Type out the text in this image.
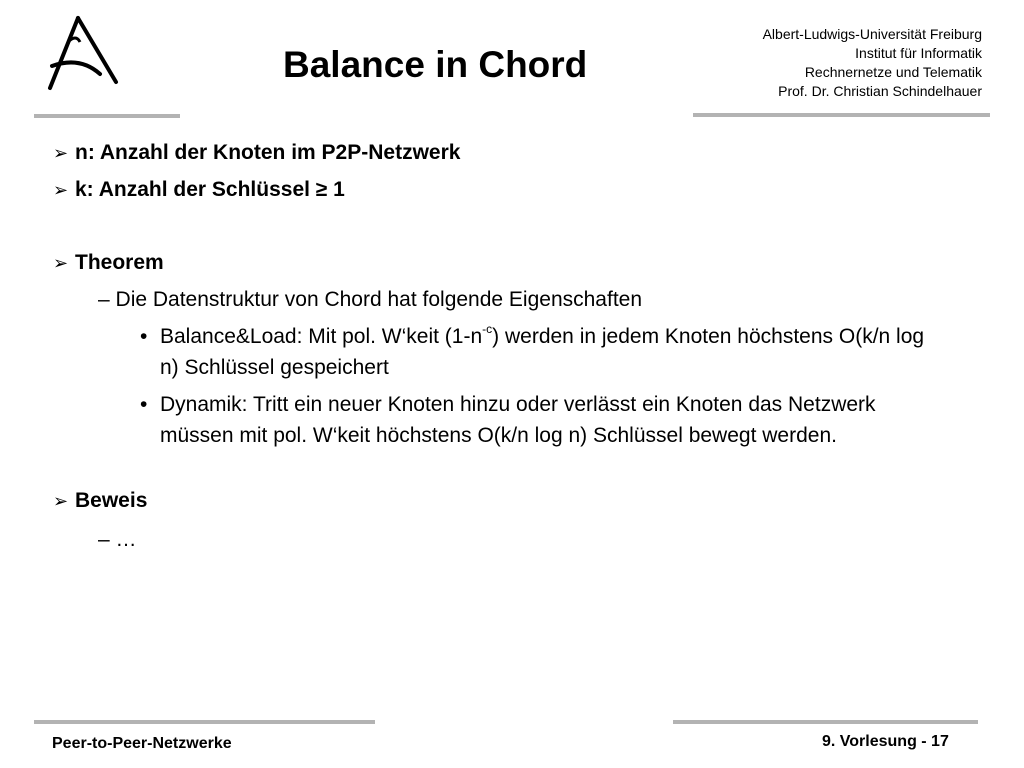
Balance in Chord
Albert-Ludwigs-Universität Freiburg
Institut für Informatik
Rechnernetze und Telematik
Prof. Dr. Christian Schindelhauer
➢ n: Anzahl der Knoten im P2P-Netzwerk
➢ k: Anzahl der Schlüssel ≥ 1
➢ Theorem
– Die Datenstruktur von Chord hat folgende Eigenschaften
• Balance&Load: Mit pol. W‘keit $(1-n^{-c})$ werden in jedem Knoten höchstens O(k/n log n) Schlüssel gespeichert
• Dynamik: Tritt ein neuer Knoten hinzu oder verlässt ein Knoten das Netzwerk müssen mit pol. W‘keit höchstens O(k/n log n) Schlüssel bewegt werden.
➢ Beweis
– …
Peer-to-Peer-Netzwerke	9. Vorlesung - 17
